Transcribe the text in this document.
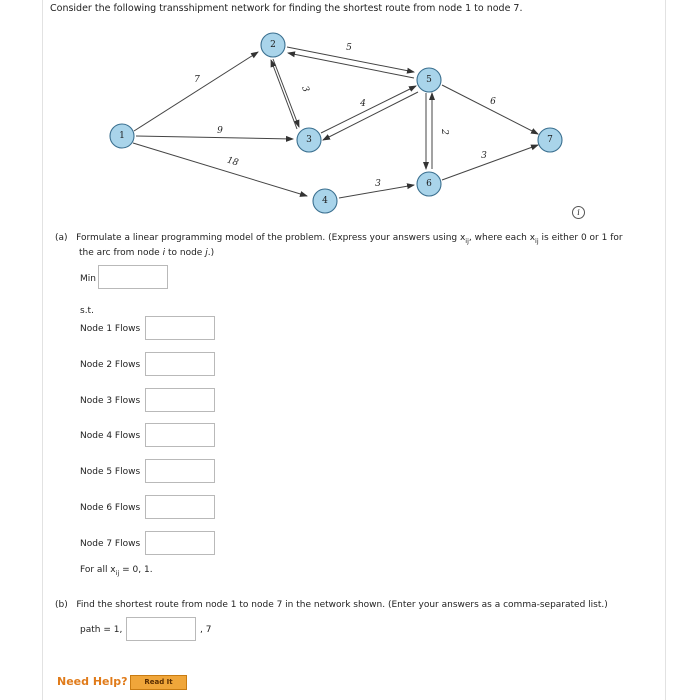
Consider the following transshipment network for finding the shortest route from node 1 to node 7.
7
9
18
5
3
4
3
2
6
3
1
2
3
4
5
6
7
i
(a) Formulate a linear programming model of the problem. (Express your answers using $x_{ij}$, where each $x_{ij}$ is either 0 or 1 for
the arc from node i to node j.)
Min
s.t.
Node 1 Flows
Node 2 Flows
Node 3 Flows
Node 4 Flows
Node 5 Flows
Node 6 Flows
Node 7 Flows
For all $x_{ij} = 0$, 1.
(b) Find the shortest route from node 1 to node 7 in the network shown. (Enter your answers as a comma-separated list.)
path = 1,	, 7
Need Help?	Read It
